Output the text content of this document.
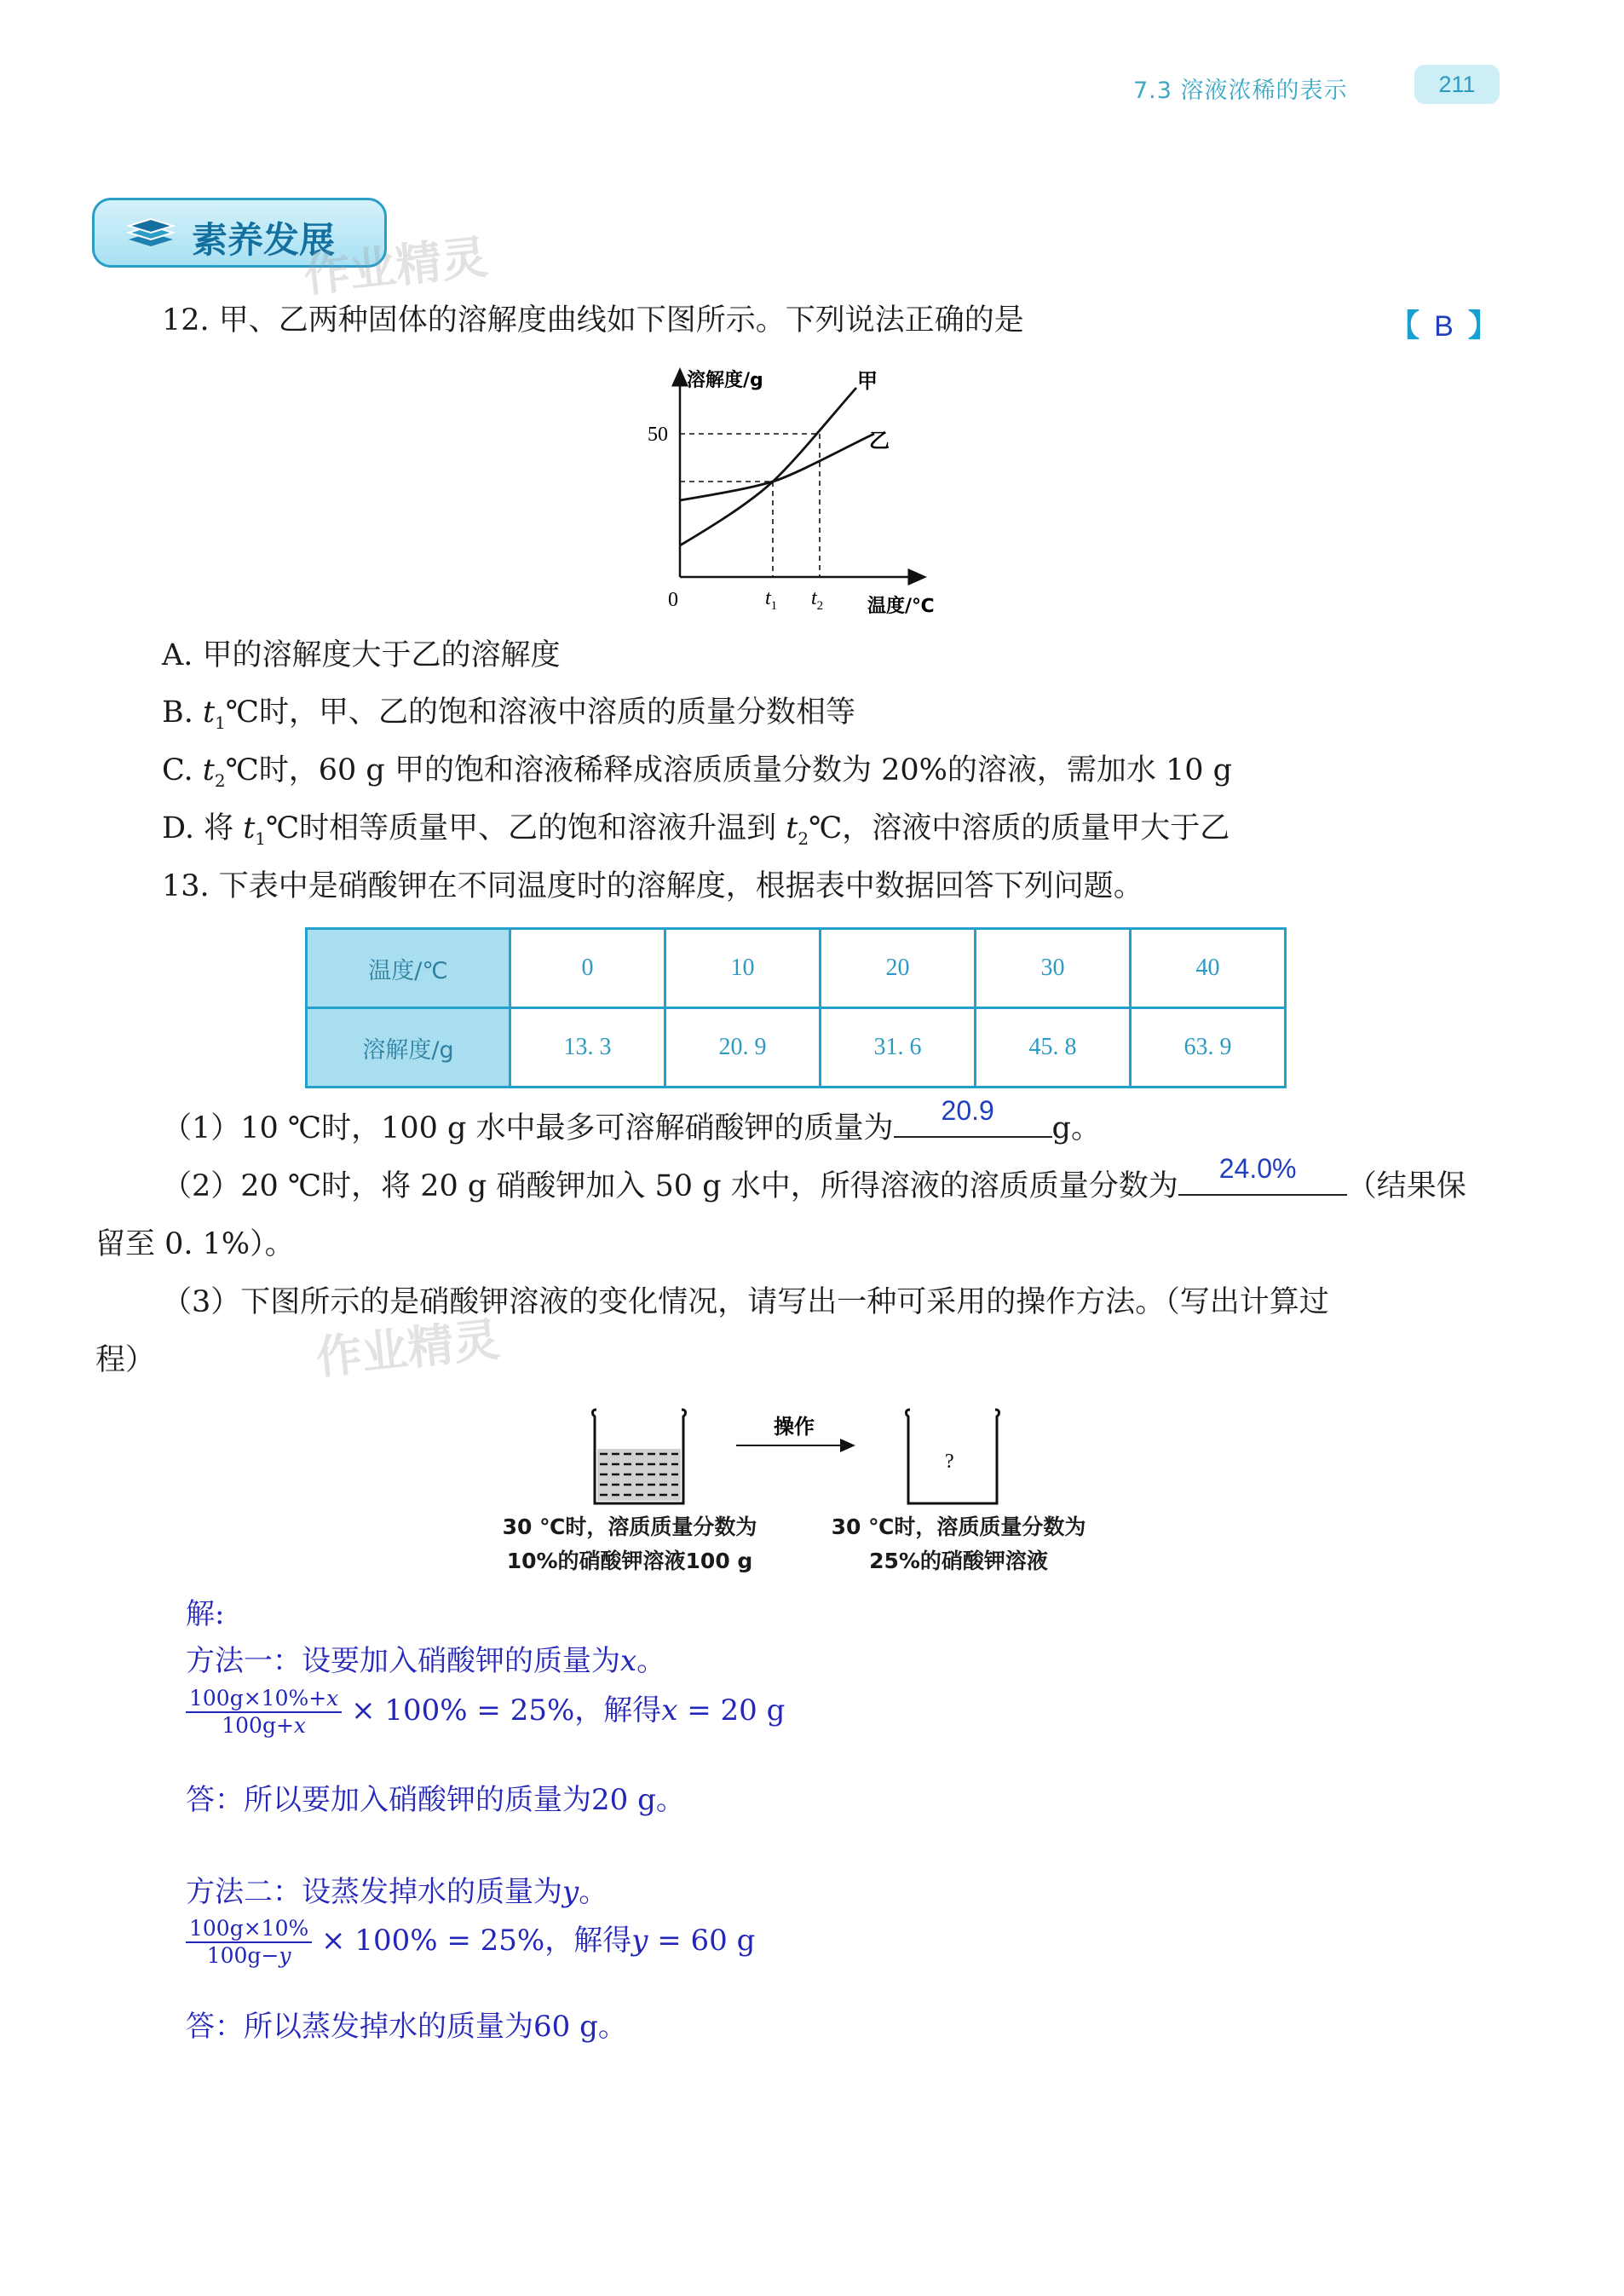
7.3 溶液浓稀的表示	211
素养发展
作业精灵
作业精灵
12. 甲、乙两种固体的溶解度曲线如下图所示。下列说法正确的是	【 B 】
溶解度/g
50
0	$t_1$ $t_2$ 温度/℃
甲
乙
A. 甲的溶解度大于乙的溶解度
B. $t_1℃$时，甲、乙的饱和溶液中溶质的质量分数相等
C. $t_2℃$时，60 g 甲的饱和溶液稀释成溶质质量分数为 20%的溶液，需加水 10 g
D. 将 $t_1℃$时相等质量甲、乙的饱和溶液升温到 $t_2℃$，溶液中溶质的质量甲大于乙
13. 下表中是硝酸钾在不同温度时的溶解度，根据表中数据回答下列问题。
温度/℃	0	10	20	30	40
溶解度/g	13. 3	20. 9	31. 6	45. 8	63. 9
（1）10 ℃时，100 g 水中最多可溶解硝酸钾的质量为
20.9
g。
（2）20 ℃时，将 20 g 硝酸钾加入 50 g 水中，所得溶液的溶质质量分数为
24.0%
（结果保
留至 0. 1%）。
（3）下图所示的是硝酸钾溶液的变化情况，请写出一种可采用的操作方法。（写出计算过
程）
操作
?
30 ℃时，溶质质量分数为
10%的硝酸钾溶液100 g
30 ℃时，溶质质量分数为
25%的硝酸钾溶液
解:
方法一：设要加入硝酸钾的质量为𝑥。
$\frac{\text{100g×10\%+𝑥}}{\text{100g+𝑥}} \times 100\% = 25\%$，解得𝑥 = 20 g
答：所以要加入硝酸钾的质量为20 g。
方法二：设蒸发掉水的质量为𝑦。
$\frac{100g\times 10\%}{\text{100g−𝑦}} \times 100\% = 25\%$，解得𝑦 = 60 g
答：所以蒸发掉水的质量为60 g。
